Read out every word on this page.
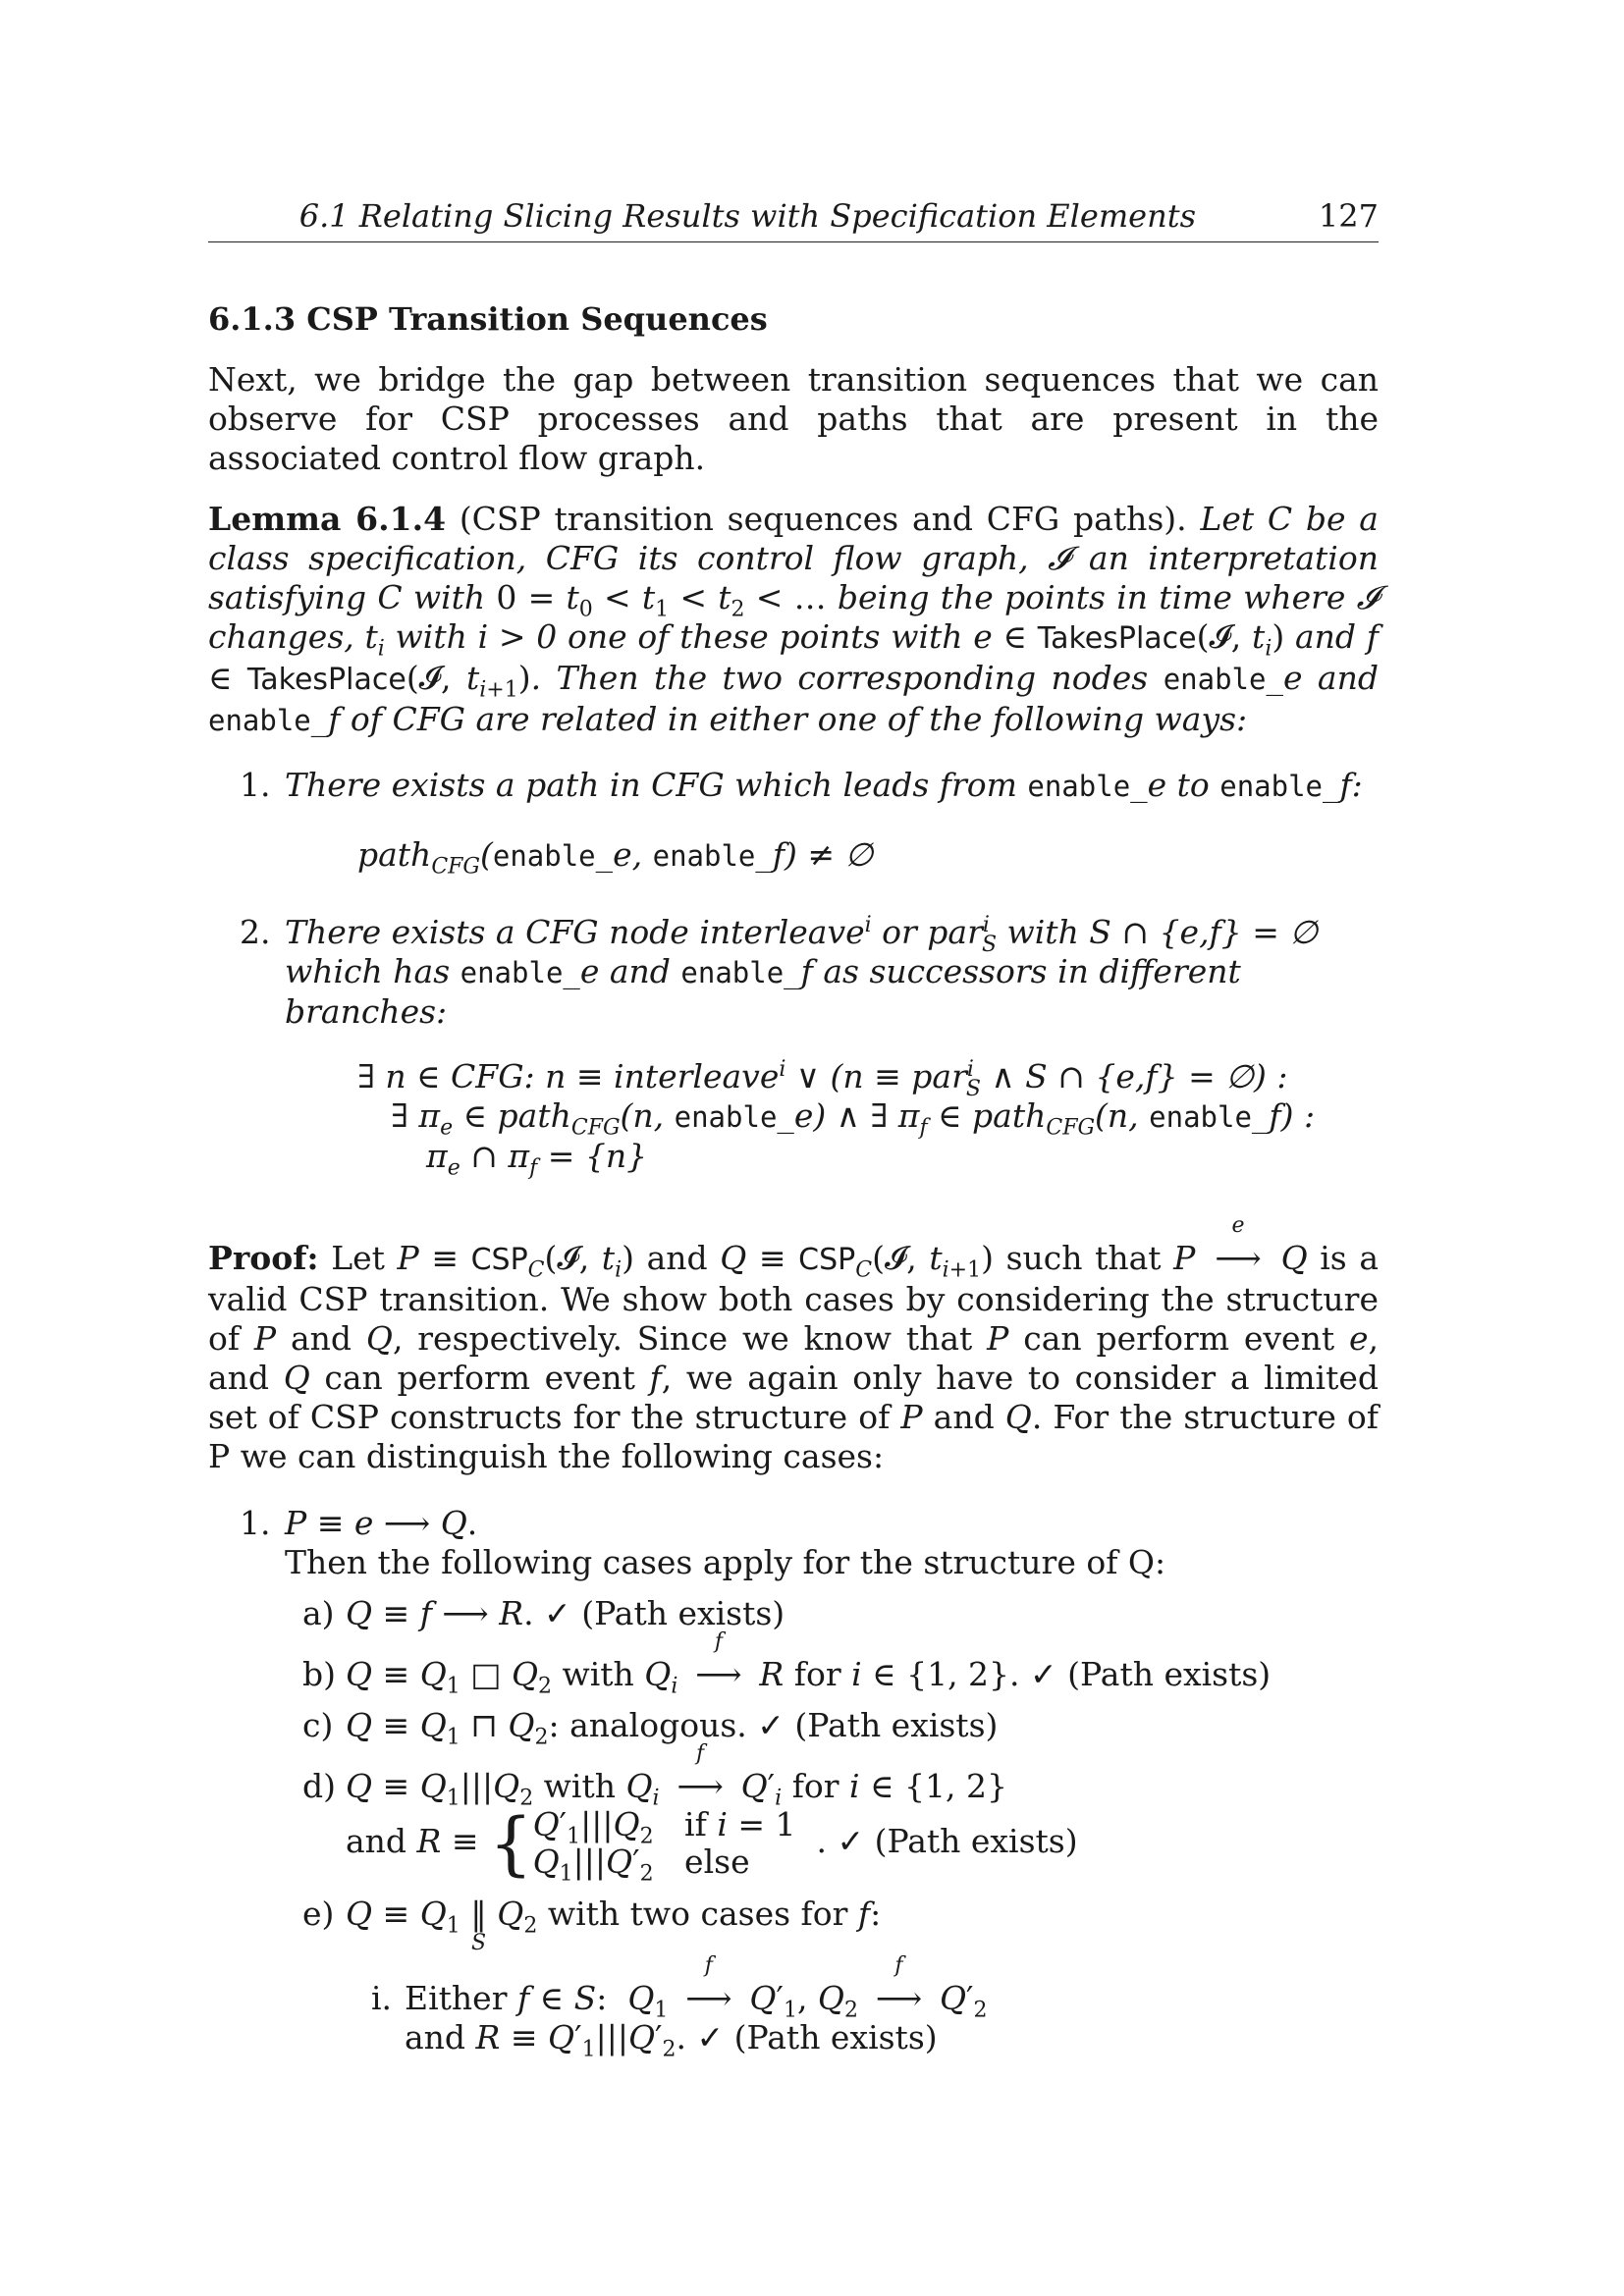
6.1 Relating Slicing Results with Specification Elements	127
6.1.3 CSP Transition Sequences
Next, we bridge the gap between transition sequences that we can observe for CSP processes and paths that are present in the associated control flow graph.
Lemma 6.1.4 (CSP transition sequences and CFG paths). Let C be a class specification, CFG its control flow graph, 𝓘 an interpretation satisfying C with $0 = t_0 < t_1 < t_2$ < … being the points in time where 𝓘 changes, $t_i$ with i > 0 one of these points with e ∈ TakesPlace(𝓘, $t_i$) and f ∈ TakesPlace(𝓘, $t_{i+1}$). Then the two corresponding nodes enable_e and enable_f of CFG are related in either one of the following ways:
1. There exists a path in CFG which leads from enable_e to enable_f:
path$_{CFG}$(enable_e, enable_f) ≠ ∅
2. There exists a CFG node interleave$^i$ or par$^i_S$ with S ∩ {e,f} = ∅ which has enable_e and enable_f as successors in different branches:
∃ n ∈ CFG: n ≡ interleave$^i$ ∨ (n ≡ par$^i_S$ ∧ S ∩ {e,f} = ∅) :
∃ $\pi_e$ ∈ path$_{CFG}$(n, enable_e) ∧ ∃ $\pi_f$ ∈ path$_{CFG}$(n, enable_f) :
$\pi_e$ ∩ $\pi_f = \{n\}$
Proof: Let $P \equiv CSP_C(𝓘$, $t_i$) and $Q \equiv CSP_C(𝓘$, $t_{i+1}$) such that P
e
⟶ Q is a valid CSP transition. We show both cases by considering the structure of P and Q, respectively. Since we know that P can perform event e, and Q can perform event f, we again only have to consider a limited set of CSP constructs for the structure of P and Q. For the structure of P we can distinguish the following cases:
1. P ≡ e ⟶ Q.
Then the following cases apply for the structure of Q:
a) Q ≡ f ⟶ R. ✓ (Path exists)
b) $Q \equiv Q_1$ □ $Q_2$ with $Q_i$
f
⟶ R for i ∈ {1, 2}. ✓ (Path exists)
c) $Q \equiv Q_1$ ⊓ $Q_2$: analogous. ✓ (Path exists)
d) $Q \equiv Q_1|||Q_2$ with $Q_i$
f
⟶ $Q'_i$ for i ∈ {1, 2}
and $R \equiv \{Q'_1|||Q_2$   if i = 1
$Q_1|||Q'_2$   else  . ✓ (Path exists)
e) $Q \equiv Q_1$ ‖
S
$Q_2$ with two cases for f:
i. Either f ∈ S:  $Q_1$
f
⟶ $Q'_1$, $Q_2$
f
⟶ $Q'_2$
and $R \equiv Q'_1|||Q'_2$. ✓ (Path exists)
